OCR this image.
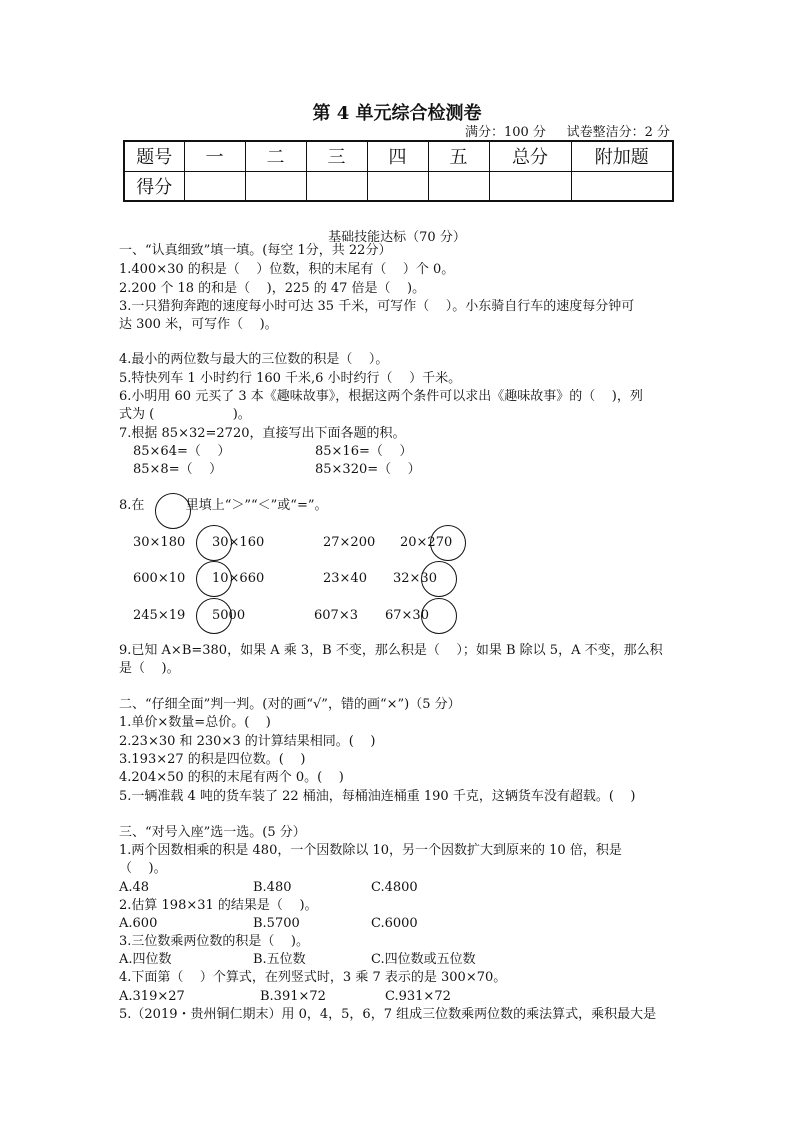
第 4 单元综合检测卷
满分：100 分     试卷整洁分：2 分
题号	一	二	三	四	五	总分	附加题
得分							
基础技能达标（70 分）
一、“认真细致”填一填。(每空 1分，共 22分）
1.400×30 的积是（    ）位数，积的末尾有（    ）个 0。
2.200 个 18 的和是（    )，225 的 47 倍是（    )。
3.一只猎狗奔跑的速度每小时可达 35 千米，可写作（    ）。小东骑自行车的速度每分钟可
达 300 米，可写作（    )。
4.最小的两位数与最大的三位数的积是（    ）。
5.特快列车 1 小时约行 160 千米,6 小时约行（    ）千米。
6.小明用 60 元买了 3 本《趣味故事》，根据这两个条件可以求出《趣味故事》的（    )，列
式为 (                   )。
7.根据 85×32=2720，直接写出下面各题的积。
85×64=（    ）	85×16=（    ）
85×8=（    ）	85×320=（    ）
8.在          里填上“＞”“＜”或“=”。
30×180 30×160	27×200 20×270
600×10 10×660	23×40 32×30
245×19 5000	607×3 67×30
9.已知 A×B=380，如果 A 乘 3，B 不变，那么积是（    ）；如果 B 除以 5，A 不变，那么积
是（    )。
二、“仔细全面”判一判。(对的画“√”，错的画“×”)（5 分）
1.单价×数量=总价。(    )
2.23×30 和 230×3 的计算结果相同。(    )
3.193×27 的积是四位数。(    )
4.204×50 的积的末尾有两个 0。(    )
5.一辆准载 4 吨的货车装了 22 桶油，每桶油连桶重 190 千克，这辆货车没有超载。(    )
三、“对号入座”选一选。(5 分）
1.两个因数相乘的积是 480，一个因数除以 10，另一个因数扩大到原来的 10 倍，积是
（    )。
A.48	B.480	C.4800
2.估算 198×31 的结果是（    )。
A.600	B.5700	C.6000
3.三位数乘两位数的积是（    )。
A.四位数	B.五位数	C.四位数或五位数
4.下面第（    ）个算式，在列竖式时，3 乘 7 表示的是 300×70。
A.319×27	B.391×72	C.931×72
5.（2019・贵州铜仁期末）用 0，4，5，6，7 组成三位数乘两位数的乘法算式，乘积最大是
